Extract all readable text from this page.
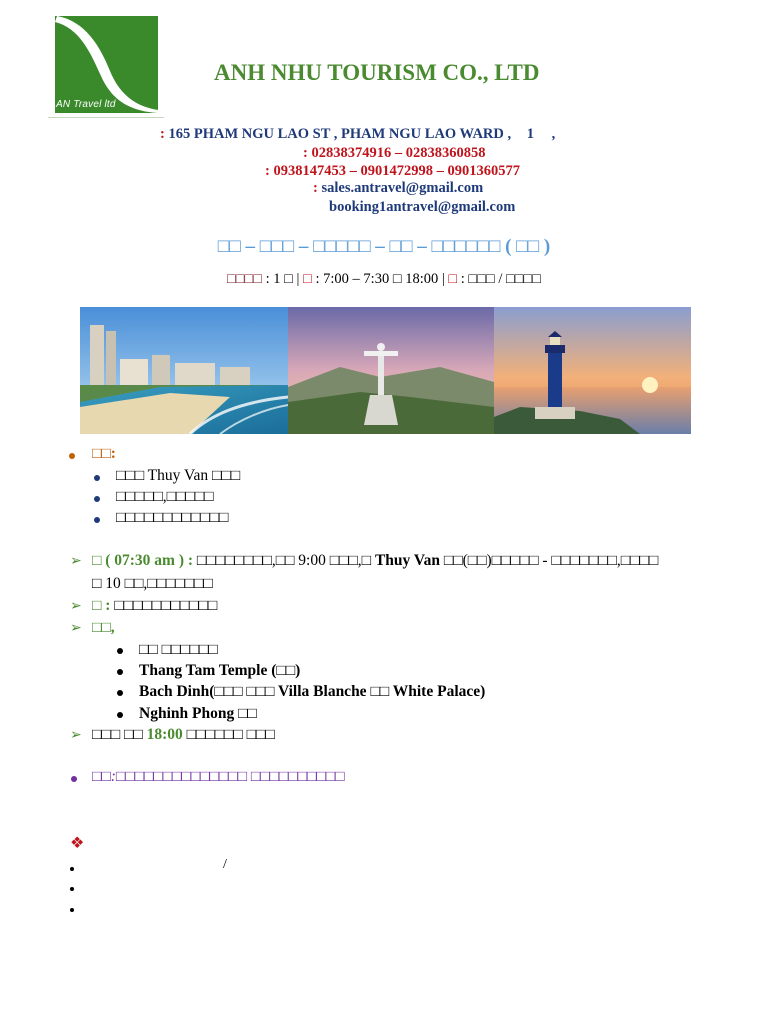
AN Travel ltd
ANH NHU TOURISM CO., LTD
: 165 PHAM NGU LAO ST , PHAM NGU LAO WARD , 1 ,
: 02838374916 – 02838360858
: 0938147453 – 0901472998 – 0901360577
: sales.antravel@gmail.com
booking1antravel@gmail.com
□□ – □□□ – □□□□□ – □□ – □□□□□□ ( □□ )
□□□□ : 1 □ | □ : 7:00 – 7:30 □ 18:00 | □ : □□□ / □□□□
□□:
□□□ Thuy Van □□□
□□□□□,□□□□□
□□□□□□□□□□□□
➢ □ ( 07:30 am ) : □□□□□□□□,□□ 9:00 □□□,□ Thuy Van □□(□□)□□□□□ - □□□□□□□,□□□□
□ 10 □□,□□□□□□□
➢ □ : □□□□□□□□□□□
➢ □□,
□□ □□□□□□
Thang Tam Temple (□□)
Bach Dinh(□□□ □□□ Villa Blanche □□ White Palace)
Nghinh Phong □□
➢ □□□ □□ 18:00 □□□□□□ □□□
□□:□□□□□□□□□□□□□□ □□□□□□□□□□
❖
/
